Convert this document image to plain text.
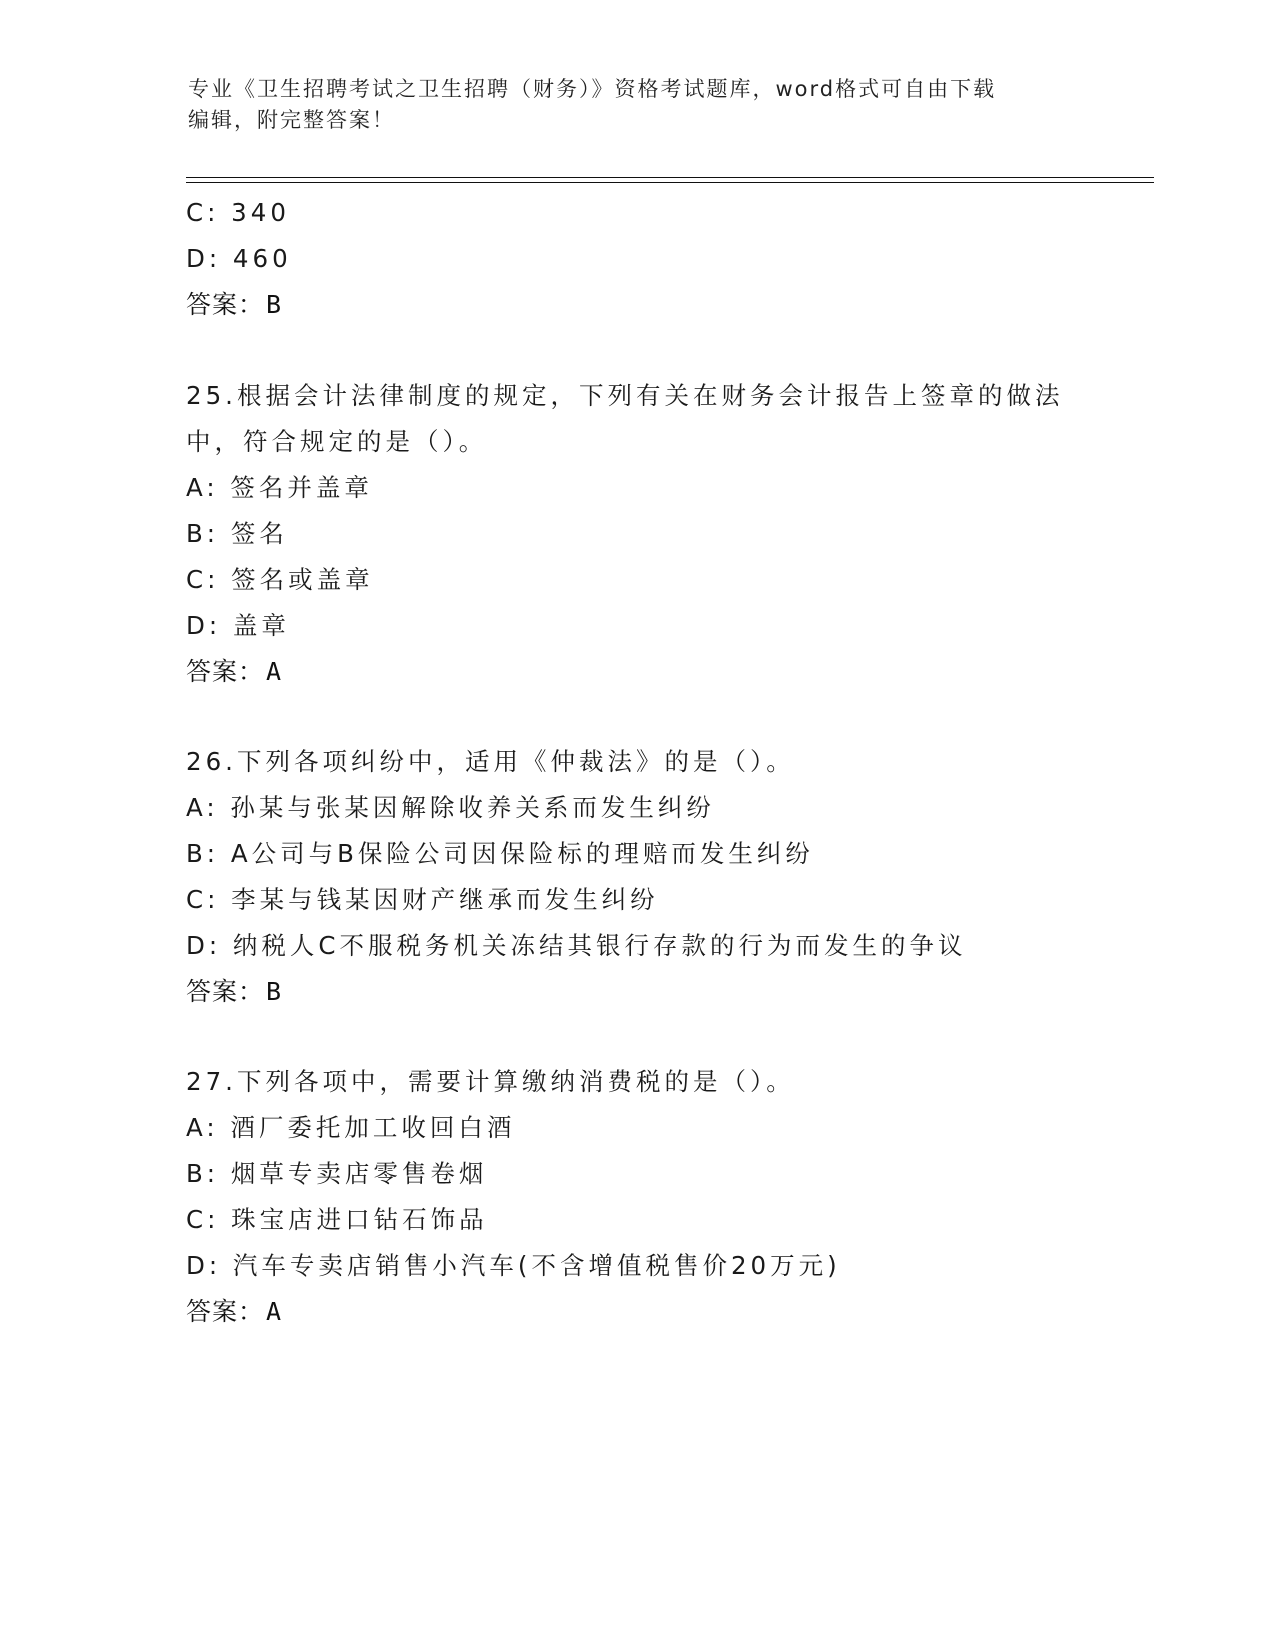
专业《卫生招聘考试之卫生招聘（财务）》资格考试题库，word格式可自由下载
编辑，附完整答案！
C: 340
D: 460
答案：B
25.根据会计法律制度的规定，下列有关在财务会计报告上签章的做法
中，符合规定的是（）。
A: 签名并盖章
B: 签名
C: 签名或盖章
D: 盖章
答案：A
26.下列各项纠纷中，适用《仲裁法》的是（）。
A: 孙某与张某因解除收养关系而发生纠纷
B: A公司与B保险公司因保险标的理赔而发生纠纷
C: 李某与钱某因财产继承而发生纠纷
D: 纳税人C不服税务机关冻结其银行存款的行为而发生的争议
答案：B
27.下列各项中，需要计算缴纳消费税的是（）。
A: 酒厂委托加工收回白酒
B: 烟草专卖店零售卷烟
C: 珠宝店进口钻石饰品
D: 汽车专卖店销售小汽车(不含增值税售价20万元)
答案：A
